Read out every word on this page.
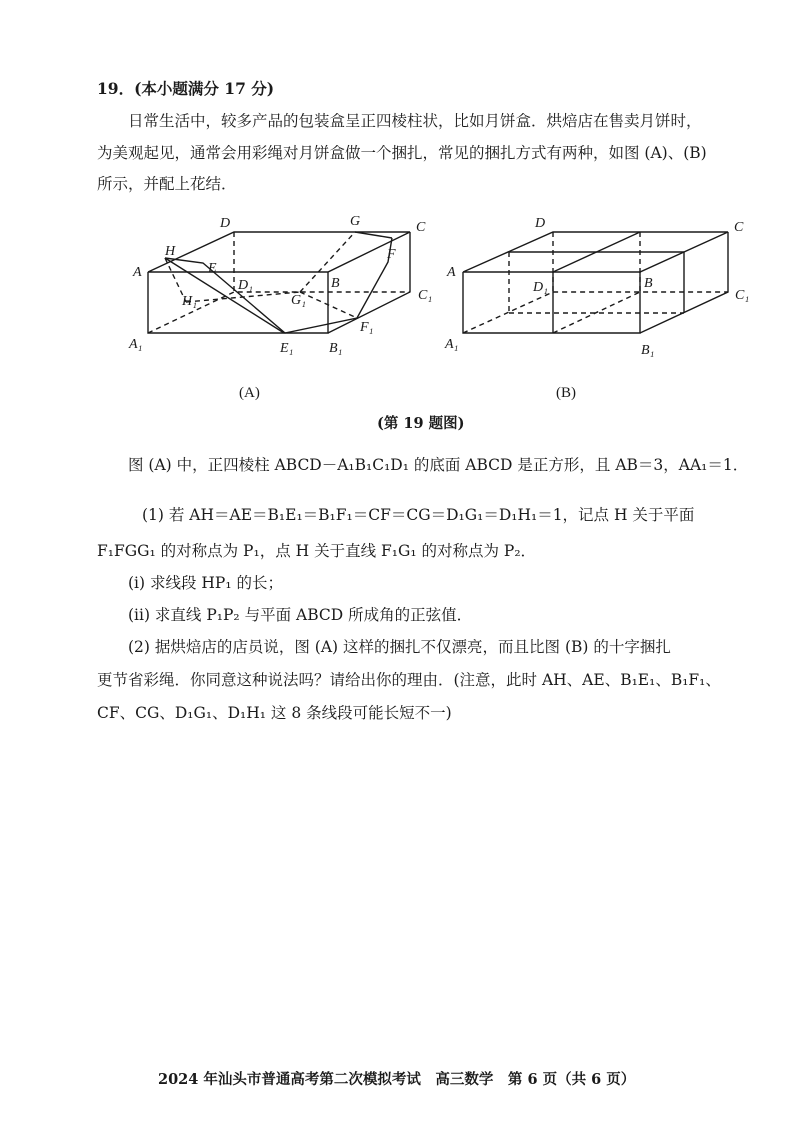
19．(本小题满分 17 分)
日常生活中，较多产品的包装盒呈正四棱柱状，比如月饼盒．烘焙店在售卖月饼时，
为美观起见，通常会用彩绳对月饼盒做一个捆扎，常见的捆扎方式有两种，如图 (A)、(B)
所示，并配上花结．
D	G	C
H
E
F
A
D₁	B
C₁
H₁	G₁
F₁
A₁	E₁	B₁
(A)
D	C
A
D₁	B
C₁
A₁	B₁
(B)
(第 19 题图)
图 (A) 中，正四棱柱 ABCD－A₁B₁C₁D₁ 的底面 ABCD 是正方形，且 AB＝3，AA₁＝1．
(1) 若 AH＝AE＝B₁E₁＝B₁F₁＝CF＝CG＝D₁G₁＝D₁H₁＝1，记点 H 关于平面
F₁FGG₁ 的对称点为 P₁，点 H 关于直线 F₁G₁ 的对称点为 P₂．
(i) 求线段 HP₁ 的长；
(ii) 求直线 P₁P₂ 与平面 ABCD 所成角的正弦值．
(2) 据烘焙店的店员说，图 (A) 这样的捆扎不仅漂亮，而且比图 (B) 的十字捆扎
更节省彩绳．你同意这种说法吗？请给出你的理由．(注意，此时 AH、AE、B₁E₁、B₁F₁、
CF、CG、D₁G₁、D₁H₁ 这 8 条线段可能长短不一)
2024 年汕头市普通高考第二次模拟考试　高三数学　第 6 页（共 6 页）
